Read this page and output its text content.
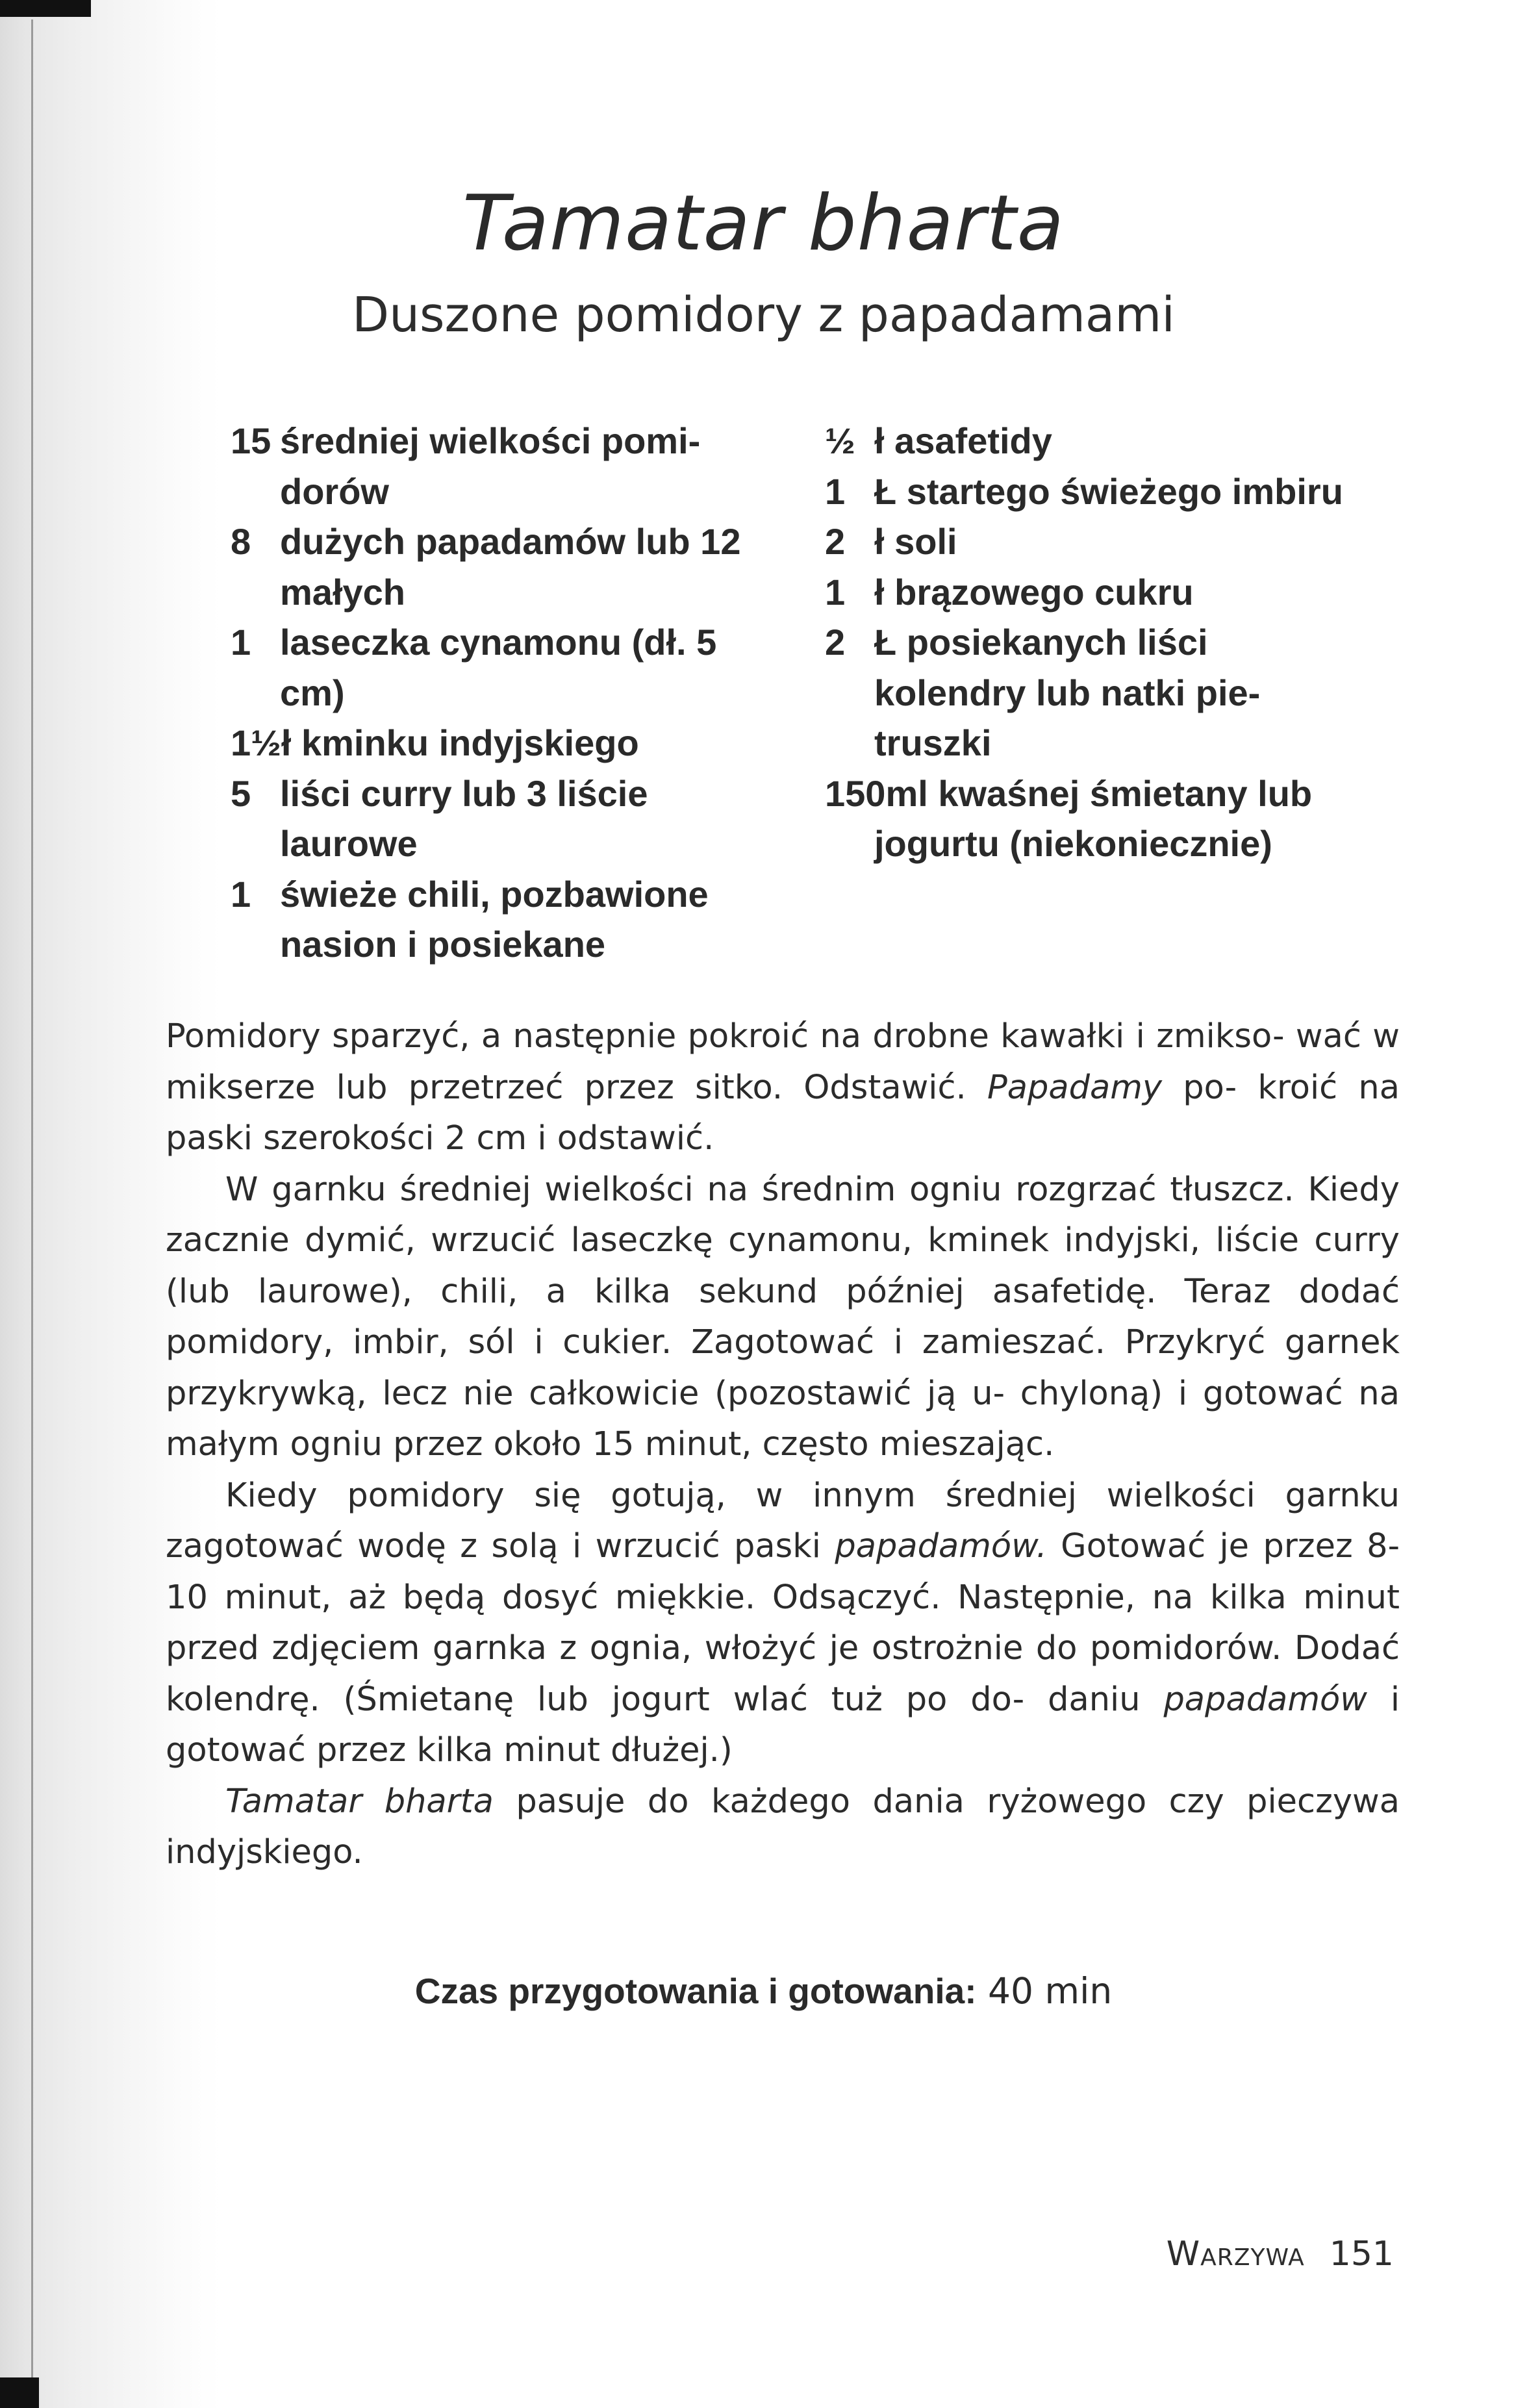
Tamatar bharta
Duszone pomidory z papadamami

15 średniej wielkości pomi- dorów

8 dużych papadamów lub 12 małych

1 laseczka cynamonu (dł. 5 cm)

1½ł kminku indyjskiego

5 liści curry lub 3 liście laurowe

1 świeże chili, pozbawione nasion i posiekane

½ ł asafetidy

1 Ł startego świeżego imbiru

2 ł soli

1 ł brązowego cukru

2 Ł posiekanych liści kolendry lub natki pie- truszki

150ml kwaśnej śmietany lub jogurtu (niekoniecznie)

Pomidory sparzyć, a następnie pokroić na drobne kawałki i zmikso- wać w mikserze lub przetrzeć przez sitko. Odstawić. Papadamy po- kroić na paski szerokości 2 cm i odstawić.

W garnku średniej wielkości na średnim ogniu rozgrzać tłuszcz. Kiedy zacznie dymić, wrzucić laseczkę cynamonu, kminek indyjski, liście curry (lub laurowe), chili, a kilka sekund później asafetidę. Teraz dodać pomidory, imbir, sól i cukier. Zagotować i zamieszać. Przykryć garnek przykrywką, lecz nie całkowicie (pozostawić ją u- chyloną) i gotować na małym ogniu przez około 15 minut, często mieszając.

Kiedy pomidory się gotują, w innym średniej wielkości garnku zagotować wodę z solą i wrzucić paski papadamów. Gotować je przez 8-10 minut, aż będą dosyć miękkie. Odsączyć. Następnie, na kilka minut przed zdjęciem garnka z ognia, włożyć je ostrożnie do pomidorów. Dodać kolendrę. (Śmietanę lub jogurt wlać tuż po do- daniu papadamów i gotować przez kilka minut dłużej.)

Tamatar bharta pasuje do każdego dania ryżowego czy pieczywa indyjskiego.

Czas przygotowania i gotowania: 40 min
Warzywa 151
